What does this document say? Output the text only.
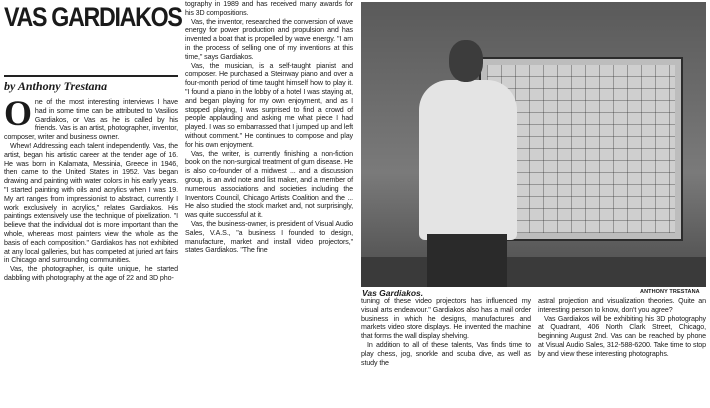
VAS GARDIAKOS
by Anthony Trestana

One of the most interesting interviews I have had in some time can be attributed to Vasilios Gardiakos, or Vas as he is called by his friends. Vas is an artist, photographer, inventor, composer, writer and business owner.

Whew! Addressing each talent independently. Vas, the artist, began his artistic career at the tender age of 16. He was born in Kalamata, Messinia, Greece in 1946, then came to the United States in 1952. Vas began drawing and painting with water colors in his early years. "I started painting with oils and acrylics when I was 19. My art ranges from impressionist to abstract, currently I work exclusively in acrylics," relates Gardiakos. His paintings extensively use the technique of pixelization. "I believe that the individual dot is more important than the whole, whereas most painters view the whole as the basis of each composition." Gardiakos has not exhibited at any local galleries, but has competed at juried art fairs in Chicago and surrounding communities.

Vas, the photographer, is quite unique, he started dabbling with photography at the age of 22 and 3D pho-

tography in 1989 and has received many awards for his 3D compositions.

Vas, the inventor, researched the conversion of wave energy for power production and propulsion and has invented a boat that is propelled by wave energy. "I am in the process of selling one of my inventions at this time," says Gardiakos.

Vas, the musician, is a self-taught pianist and composer. He purchased a Steinway piano and over a four-month period of time taught himself how to play it. "I found a piano in the lobby of a hotel I was staying at, and began playing for my own enjoyment, and as I stopped playing, I was surprised to find a crowd of people applauding and asking me what piece I had played. I was so embarrassed that I jumped up and left without comment." He continues to compose and play for his own enjoyment.

Vas, the writer, is currently finishing a non-fiction book on the non-surgical treatment of gum disease. He is also co-founder of a midwest ... and a discussion group, is an avid note and list maker, and a member of numerous associations and societies including the Inventors Council, Chicago Artists Coalition and the ... He also studied the stock market and, not surprisingly, was quite successful at it.

Vas, the business-owner, is president of Visual Audio Sales, V.A.S., "a business I founded to design, manufacture, market and install video projectors," states Gardiakos. "The fine

Vas Gardiakos.	ANTHONY TRESTANA

tuning of these video projectors has influenced my visual arts endeavour." Gardiakos also has a mail order business in which he designs, manufactures and markets video store displays. He invented the machine that forms the wall display shelving.

In addition to all of these talents, Vas finds time to play chess, jog, snorkle and scuba dive, as well as study the

astral projection and visualization theories. Quite an interesting person to know, don't you agree?

Vas Gardiakos will be exhibiting his 3D photography at Quadrant, 406 North Clark Street, Chicago, beginning August 2nd. Vas can be reached by phone at Visual Audio Sales, 312-588-6200. Take time to stop by and view these interesting photographs.
